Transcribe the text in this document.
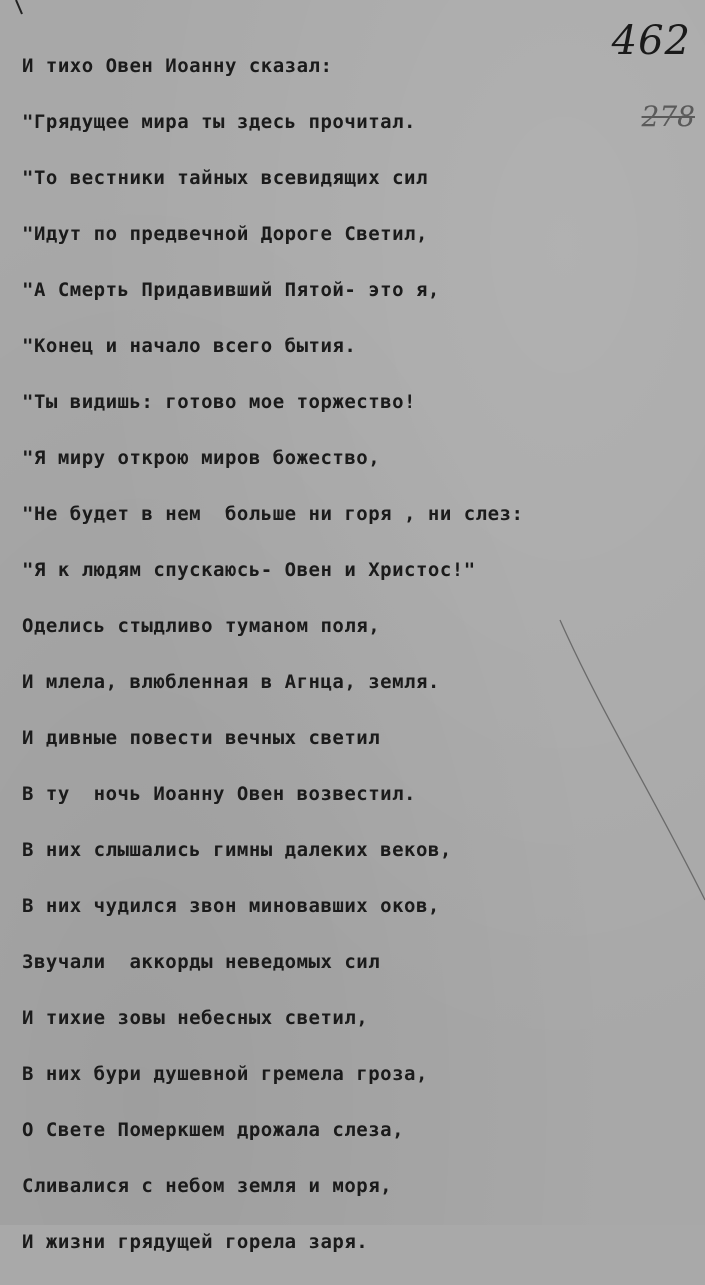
462
278
И тихо Овен Иоанну сказал:
"Грядущее мира ты здесь прочитал.
"То вестники тайных всевидящих сил
"Идут по предвечной Дороге Светил,
"А Смерть Придавивший Пятой- это я,
"Конец и начало всего бытия.
"Ты видишь: готово мое торжество!
"Я миру открою миров божество,
"Не будет в нем  больше ни горя , ни слез:
"Я к людям спускаюсь- Овен и Христос!"
Оделись стыдливо туманом поля,
И млела, влюбленная в Агнца, земля.
И дивные повести вечных светил
В ту  ночь Иоанну Овен возвестил.
В них слышались гимны далеких веков,
В них чудился звон миновавших оков,
Звучали  аккорды неведомых сил
И тихие зовы небесных светил,
В них бури душевной гремела гроза,
О Свете Померкшем дрожала слеза,
Сливалися с небом земля и моря,
И жизни грядущей горела заря.
